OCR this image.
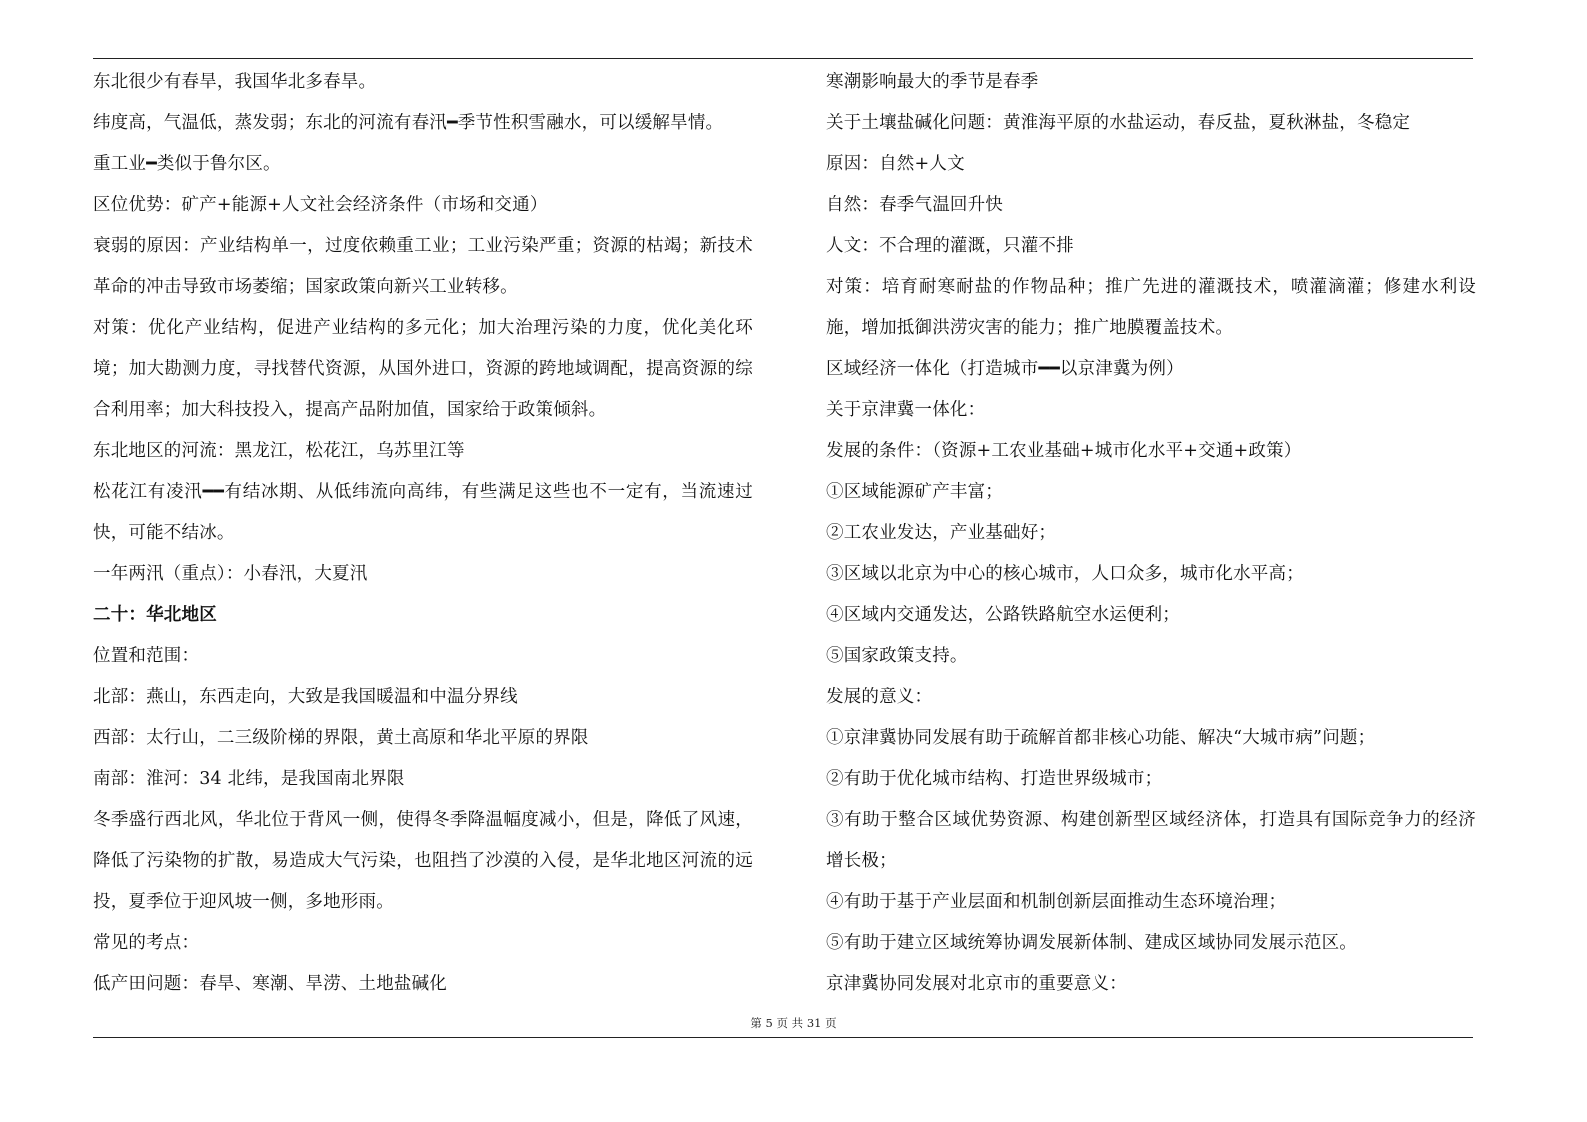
东北很少有春旱，我国华北多春旱。

纬度高，气温低，蒸发弱；东北的河流有春汛━季节性积雪融水，可以缓解旱情。

重工业━类似于鲁尔区。

区位优势：矿产+能源+人文社会经济条件（市场和交通）

衰弱的原因：产业结构单一，过度依赖重工业；工业污染严重；资源的枯竭；新技术革命的冲击导致市场萎缩；国家政策向新兴工业转移。

对策：优化产业结构，促进产业结构的多元化；加大治理污染的力度，优化美化环境；加大勘测力度，寻找替代资源，从国外进口，资源的跨地域调配，提高资源的综合利用率；加大科技投入，提高产品附加值，国家给于政策倾斜。

东北地区的河流：黑龙江，松花江，乌苏里江等

松花江有凌汛━━有结冰期、从低纬流向高纬，有些满足这些也不一定有，当流速过快，可能不结冰。

一年两汛（重点）：小春汛，大夏汛

二十：华北地区

位置和范围：

北部：燕山，东西走向，大致是我国暖温和中温分界线

西部：太行山，二三级阶梯的界限，黄土高原和华北平原的界限

南部：淮河：34 北纬，是我国南北界限

冬季盛行西北风，华北位于背风一侧，使得冬季降温幅度减小，但是，降低了风速，降低了污染物的扩散，易造成大气污染，也阻挡了沙漠的入侵，是华北地区河流的远投，夏季位于迎风坡一侧，多地形雨。

常见的考点：

低产田问题：春旱、寒潮、旱涝、土地盐碱化

寒潮影响最大的季节是春季

关于土壤盐碱化问题：黄淮海平原的水盐运动，春反盐，夏秋淋盐，冬稳定

原因：自然+人文

自然：春季气温回升快

人文：不合理的灌溉，只灌不排

对策：培育耐寒耐盐的作物品种；推广先进的灌溉技术，喷灌滴灌；修建水利设施，增加抵御洪涝灾害的能力；推广地膜覆盖技术。

区域经济一体化（打造城市━━以京津冀为例）

关于京津冀一体化：

发展的条件：（资源+工农业基础+城市化水平+交通+政策）

①区域能源矿产丰富；

②工农业发达，产业基础好；

③区域以北京为中心的核心城市，人口众多，城市化水平高；

④区域内交通发达，公路铁路航空水运便利；

⑤国家政策支持。

发展的意义：

①京津冀协同发展有助于疏解首都非核心功能、解决“大城市病”问题；

②有助于优化城市结构、打造世界级城市；

③有助于整合区域优势资源、构建创新型区域经济体，打造具有国际竞争力的经济增长极；

④有助于基于产业层面和机制创新层面推动生态环境治理；

⑤有助于建立区域统筹协调发展新体制、建成区域协同发展示范区。

京津冀协同发展对北京市的重要意义：

第 5 页 共 31 页
